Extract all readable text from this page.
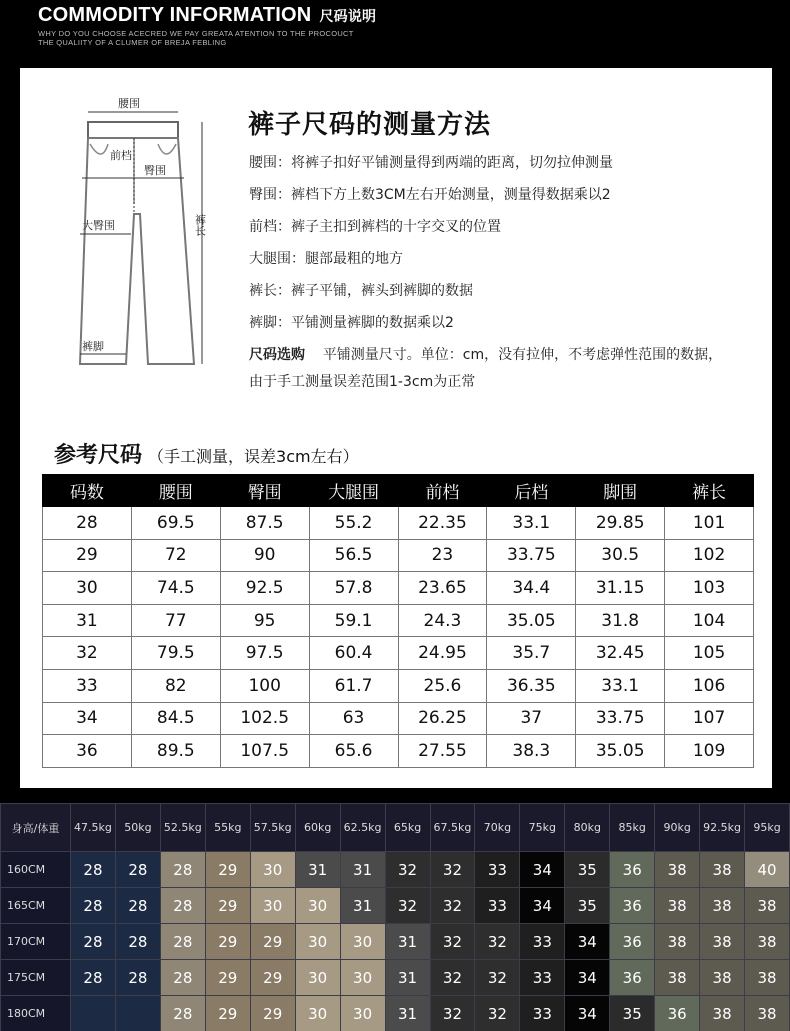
COMMODITY INFORMATION 尺码说明
WHY DO YOU CHOOSE ACECRED WE PAY GREATA ATENTION TO THE PROCOUCT
THE QUALIITY OF A CLUMER OF BREJA FEBLING
腰围
前档
臀围
大臀围	裤长
裤脚
裤子尺码的测量方法
腰围：将裤子扣好平铺测量得到两端的距离，切勿拉伸测量
臀围：裤档下方上数3CM左右开始测量，测量得数据乘以2
前档：裤子主扣到裤档的十字交叉的位置
大腿围：腿部最粗的地方
裤长：裤子平铺，裤头到裤脚的数据
裤脚：平铺测量裤脚的数据乘以2
尺码选购 平铺测量尺寸。单位：cm，没有拉伸，不考虑弹性范围的数据，
由于手工测量误差范围1-3cm为正常
参考尺码 （手工测量，误差3cm左右）
码数	腰围	臀围	大腿围	前档	后档	脚围	裤长
28	69.5	87.5	55.2	22.35	33.1	29.85	101
29	72	90	56.5	23	33.75	30.5	102
30	74.5	92.5	57.8	23.65	34.4	31.15	103
31	77	95	59.1	24.3	35.05	31.8	104
32	79.5	97.5	60.4	24.95	35.7	32.45	105
33	82	100	61.7	25.6	36.35	33.1	106
34	84.5	102.5	63	26.25	37	33.75	107
36	89.5	107.5	65.6	27.55	38.3	35.05	109
身高/体重	47.5kg	50kg	52.5kg	55kg	57.5kg	60kg	62.5kg	65kg	67.5kg	70kg	75kg	80kg	85kg	90kg	92.5kg	95kg
160CM	28	28	28	29	30	31	31	32	32	33	34	35	36	38	38	40
165CM	28	28	28	29	30	30	31	32	32	33	34	35	36	38	38	38
170CM	28	28	28	29	29	30	30	31	32	32	33	34	36	38	38	38
175CM	28	28	28	29	29	30	30	31	32	32	33	34	36	38	38	38
180CM			28	29	29	30	30	31	32	32	33	34	35	36	38	38
